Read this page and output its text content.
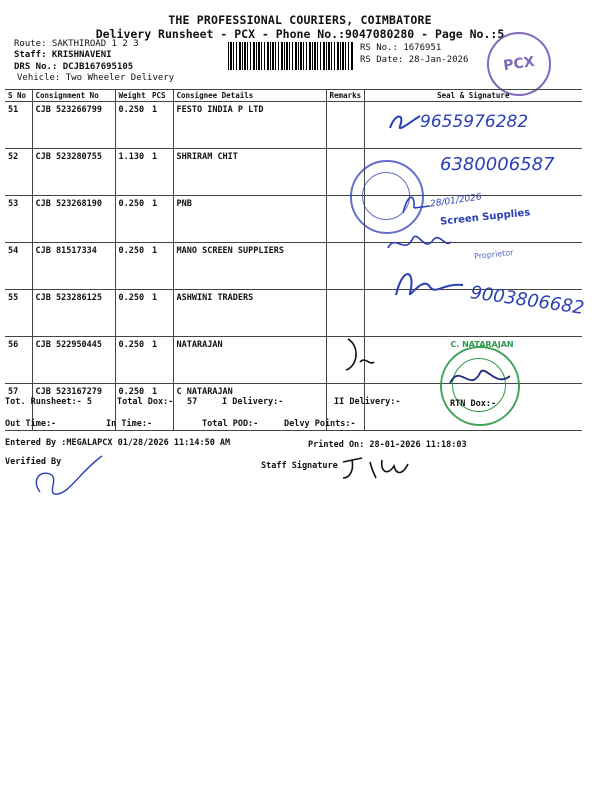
THE PROFESSIONAL COURIERS, COIMBATORE
Delivery Runsheet - PCX - Phone No.:9047080280 - Page No.:5
Route: SAKTHIROAD 1 2 3
Staff: KRISHNAVENI
DRS No.: DCJB167695105
Vehicle: Two Wheeler Delivery
RS No.: 1676951
RS Date: 28-Jan-2026	PCX
S No	Consignment No	Weight	PCS	Consignee Details	Remarks	Seal & Signature
51	CJB 523266799	0.250	1	FESTO INDIA P LTD		
52	CJB 523280755	1.130	1	SHRIRAM CHIT		
53	CJB 523268190	0.250	1	PNB		
54	CJB 81517334	0.250	1	MANO SCREEN SUPPLIERS		
55	CJB 523286125	0.250	1	ASHWINI TRADERS		
56	CJB 522950445	0.250	1	NATARAJAN		
57	CJB 523167279	0.250	1	C NATARAJAN		
9655976282
6380006587
28/01/2026
Screen Supplies
Proprietor
9003806682
C. NATARAJAN
Tot. Runsheet:- 5	Total Dox:- 57	I Delivery:-	II Delivery:-	RTN Dox:-
Out Time:-	In Time:-	Total POD:-	Delvy Points:-
Entered By :MEGALAPCX 01/28/2026 11:14:50 AM	Printed On: 28-01-2026 11:18:03
Verified By	Staff Signature
